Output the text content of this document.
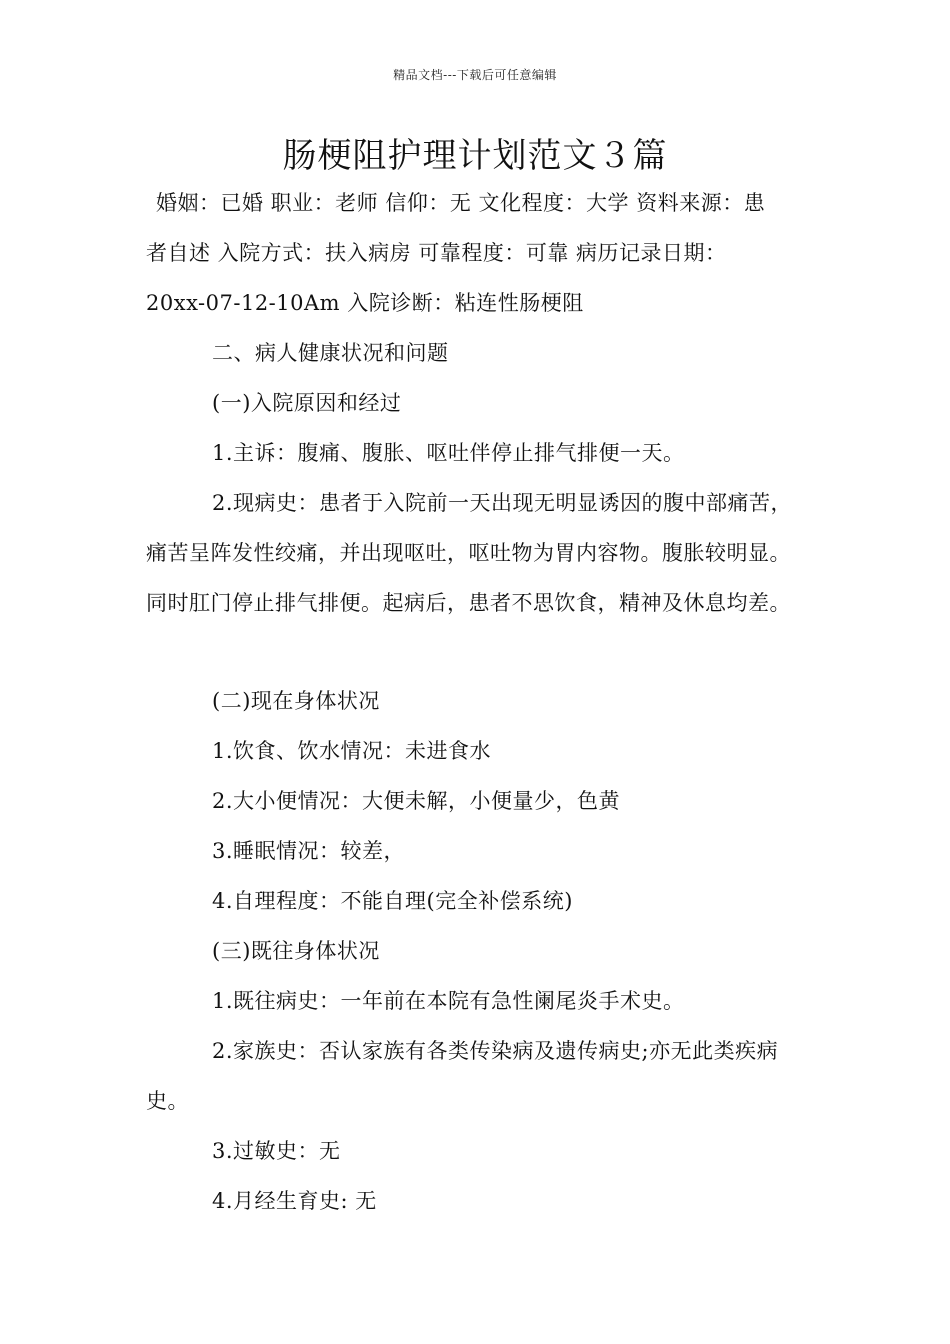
精品文档---下载后可任意编辑
肠梗阻护理计划范文３篇
婚姻：已婚 职业：老师 信仰：无 文化程度：大学 资料来源：患
者自述 入院方式：扶入病房 可靠程度：可靠 病历记录日期：
20xx-07-12-10Am 入院诊断：粘连性肠梗阻
二、病人健康状况和问题
(一)入院原因和经过
1.主诉：腹痛、腹胀、呕吐伴停止排气排便一天。
2.现病史：患者于入院前一天出现无明显诱因的腹中部痛苦，
痛苦呈阵发性绞痛，并出现呕吐，呕吐物为胃内容物。腹胀较明显。
同时肛门停止排气排便。起病后，患者不思饮食，精神及休息均差。
(二)现在身体状况
1.饮食、饮水情况：未进食水
2.大小便情况：大便未解，小便量少，色黄
3.睡眠情况：较差，
4.自理程度：不能自理(完全补偿系统)
(三)既往身体状况
1.既往病史：一年前在本院有急性阑尾炎手术史。
2.家族史：否认家族有各类传染病及遗传病史;亦无此类疾病
史。
3.过敏史：无
4.月经生育史: 无
